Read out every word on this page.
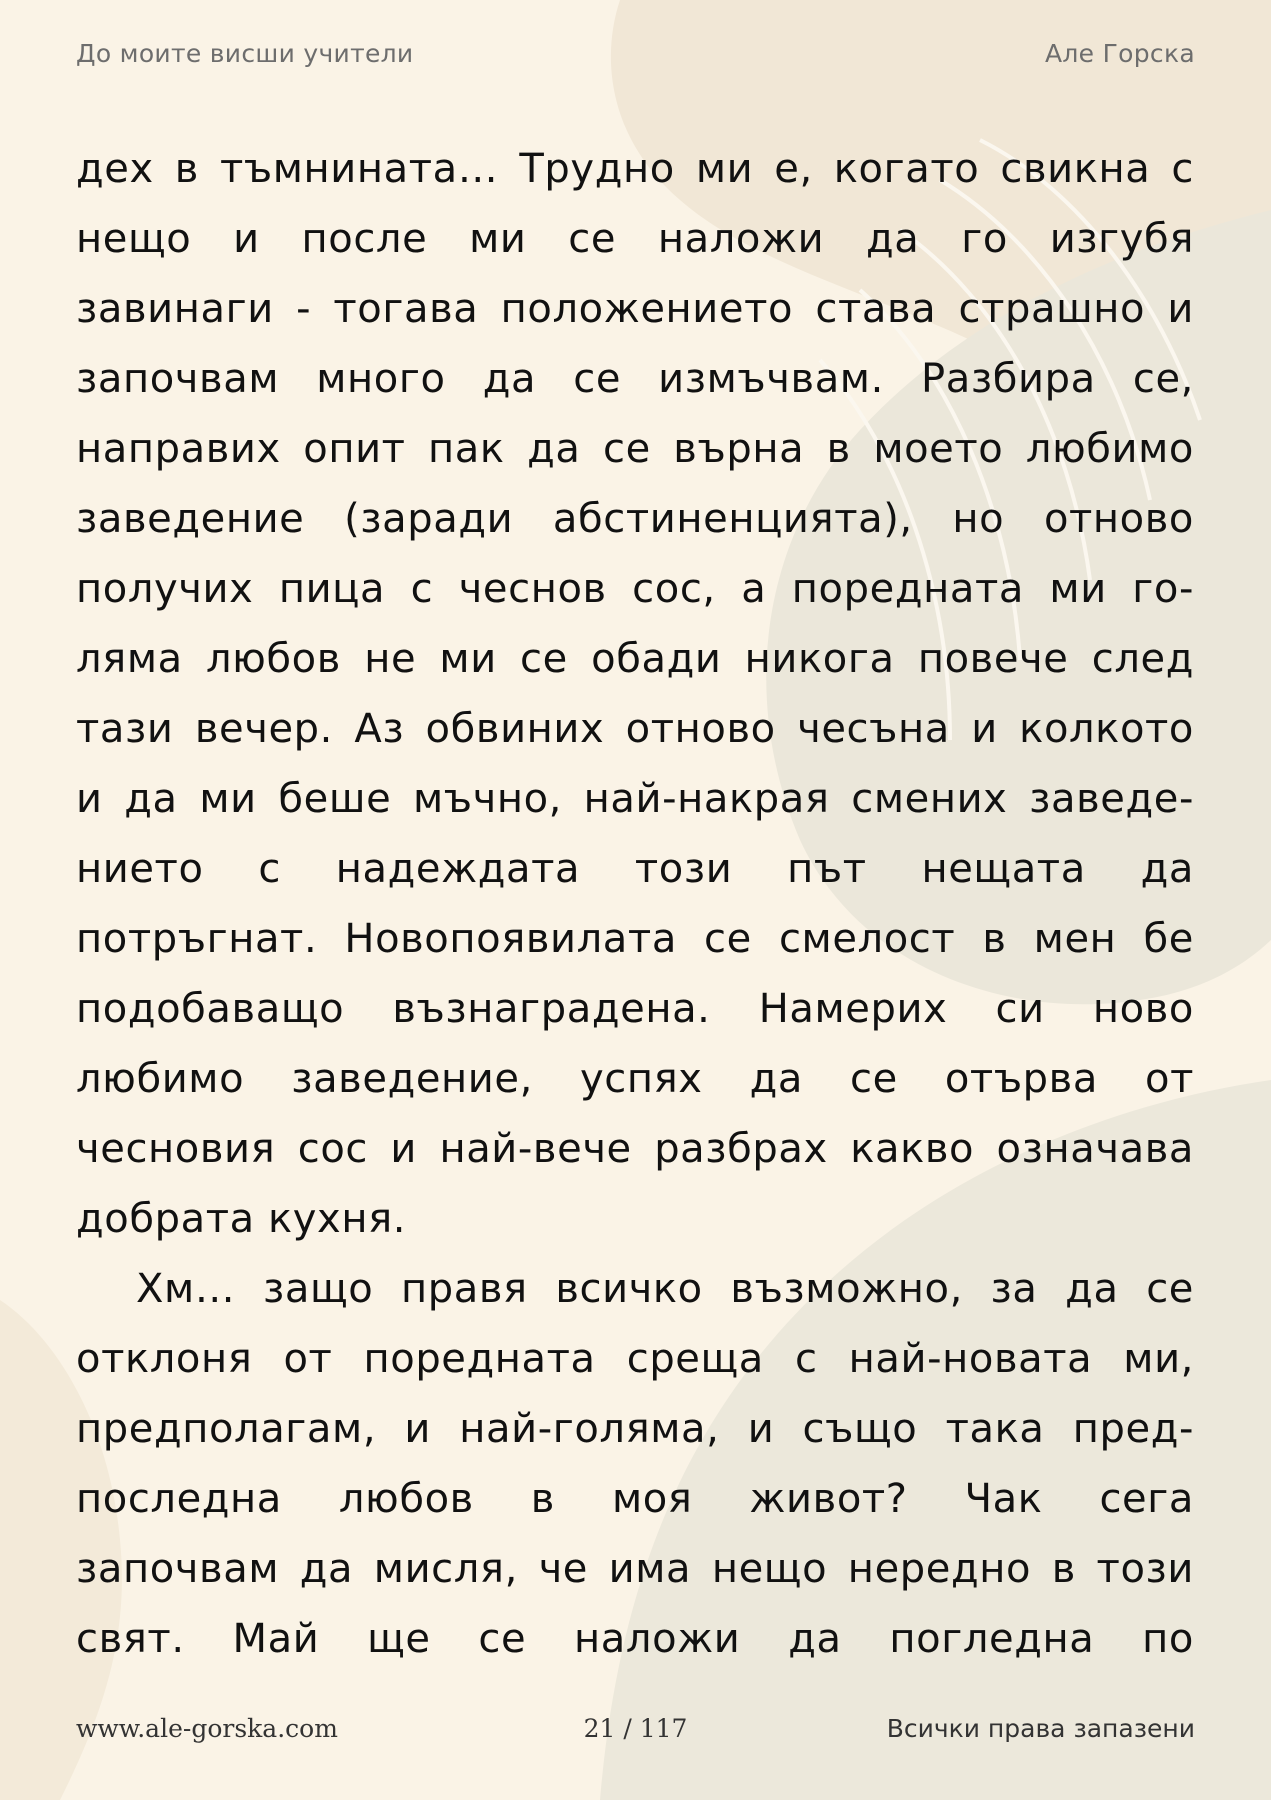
До моите висши учители	Але Горска

дех в тъмнината… Трудно ми е, когато свикна с
нещо и после ми се наложи да го изгубя
завинаги - тогава положението става страшно и
започвам много да се измъчвам. Разбира се,
направих опит пак да се върна в моето любимо
заведение (заради абстиненцията), но отново
получих пица с чеснов сос, а поредната ми го-
ляма любов не ми се обади никога повече след
тази вечер. Аз обвиних отново чесъна и колкото
и да ми беше мъчно, най-накрая смених заведе-
нието с надеждата този път нещата да
потръгнат. Новопоявилата се смелост в мен бе
подобаващо възнаградена. Намерих си ново
любимо заведение, успях да се отърва от
чесновия сос и най-вече разбрах какво означава
добрата кухня.

Хм… защо правя всичко възможно, за да се
отклоня от поредната среща с най-новата ми,
предполагам, и най-голяма, и също така пред-
последна любов в моя живот? Чак сега
започвам да мисля, че има нещо нередно в този
свят. Май ще се наложи да погледна по

www.ale-gorska.com	21 / 117	Всички права запазени
